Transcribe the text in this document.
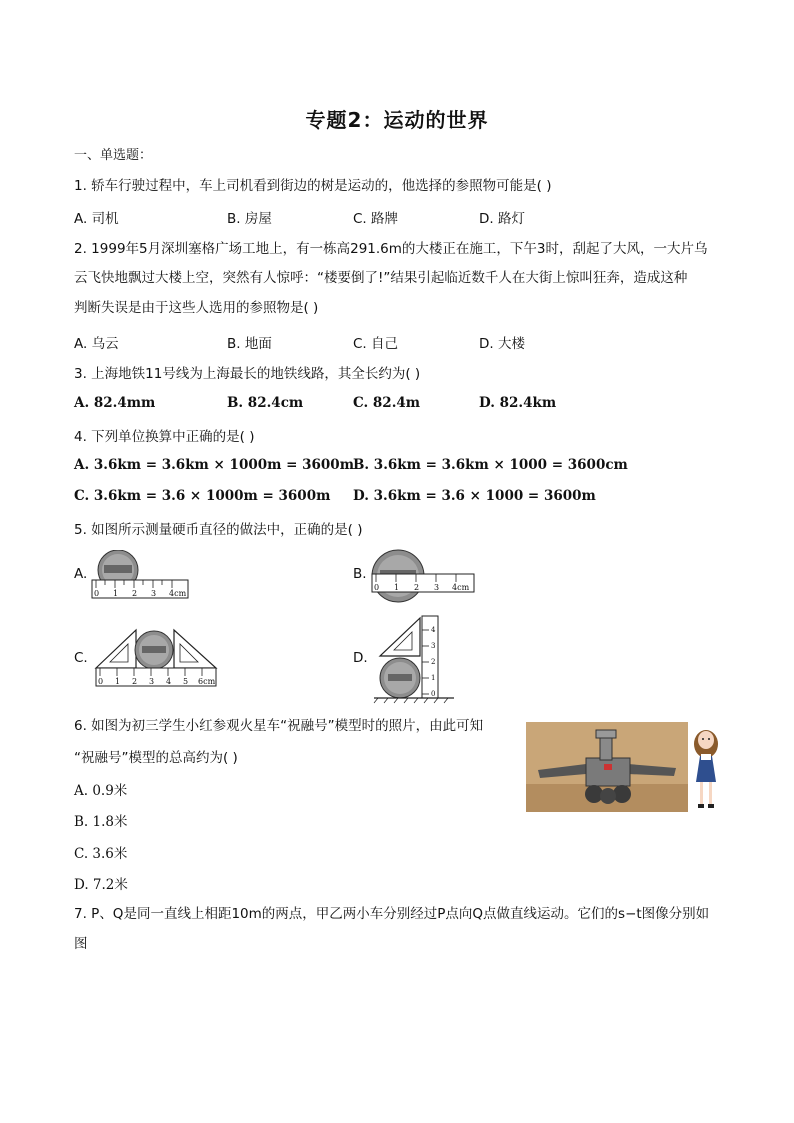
专题2：运动的世界
一、单选题：
1. 轿车行驶过程中，车上司机看到街边的树是运动的，他选择的参照物可能是( )
A. 司机	B. 房屋	C. 路牌	D. 路灯
2. 1999年5月深圳塞格广场工地上，有一栋高291.6m的大楼正在施工，下午3时，刮起了大风，一大片乌
云飞快地飘过大楼上空，突然有人惊呼：“楼要倒了!”结果引起临近数千人在大街上惊叫狂奔，造成这种
判断失误是由于这些人选用的参照物是( )
A. 乌云	B. 地面	C. 自己	D. 大楼
3. 上海地铁11号线为上海最长的地铁线路，其全长约为( )
A. 82.4mm	B. 82.4cm	C. 82.4m	D. 82.4km
4. 下列单位换算中正确的是( )
A. 3.6km = 3.6km × 1000m = 3600m B. 3.6km = 3.6km × 1000 = 3600cm
C. 3.6km = 3.6 × 1000m = 3600m D. 3.6km = 3.6 × 1000 = 3600m
5. 如图所示测量硬币直径的做法中，正确的是( )
A.
0 1 2 3 4cm
B.
0 1 2 3 4cm
C.
0 1 2 3 4 5 6cm
D.
0
1
2
3
4
6. 如图为初三学生小红参观火星车“祝融号”模型时的照片，由此可知
“祝融号”模型的总高约为( )
A. 0.9米
B. 1.8米
C. 3.6米
D. 7.2米
7. P、Q是同一直线上相距10m的两点，甲乙两小车分别经过P点向Q点做直线运动。它们的s−t图像分别如
图
